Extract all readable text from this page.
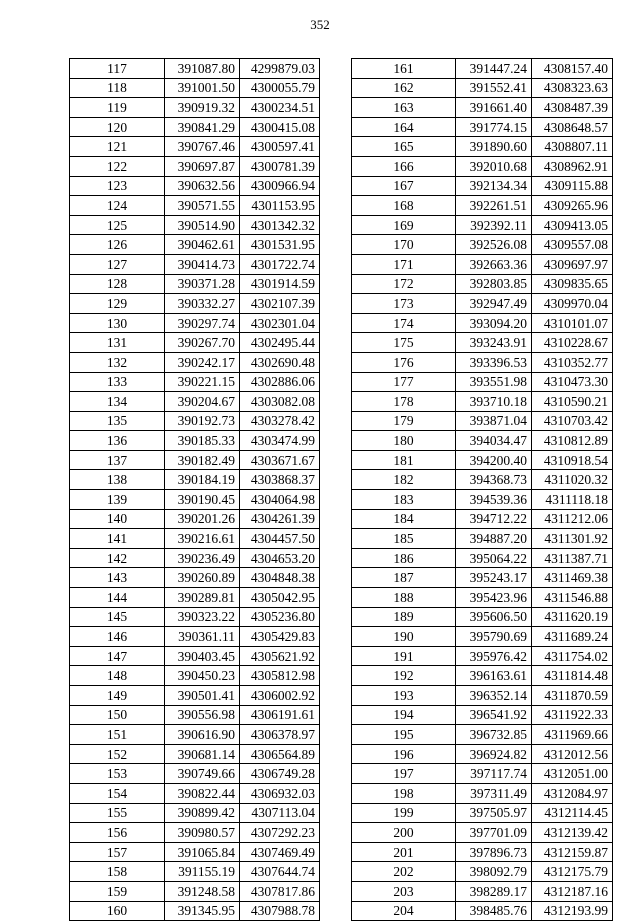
352
117	391087.80	4299879.03
118	391001.50	4300055.79
119	390919.32	4300234.51
120	390841.29	4300415.08
121	390767.46	4300597.41
122	390697.87	4300781.39
123	390632.56	4300966.94
124	390571.55	4301153.95
125	390514.90	4301342.32
126	390462.61	4301531.95
127	390414.73	4301722.74
128	390371.28	4301914.59
129	390332.27	4302107.39
130	390297.74	4302301.04
131	390267.70	4302495.44
132	390242.17	4302690.48
133	390221.15	4302886.06
134	390204.67	4303082.08
135	390192.73	4303278.42
136	390185.33	4303474.99
137	390182.49	4303671.67
138	390184.19	4303868.37
139	390190.45	4304064.98
140	390201.26	4304261.39
141	390216.61	4304457.50
142	390236.49	4304653.20
143	390260.89	4304848.38
144	390289.81	4305042.95
145	390323.22	4305236.80
146	390361.11	4305429.83
147	390403.45	4305621.92
148	390450.23	4305812.98
149	390501.41	4306002.92
150	390556.98	4306191.61
151	390616.90	4306378.97
152	390681.14	4306564.89
153	390749.66	4306749.28
154	390822.44	4306932.03
155	390899.42	4307113.04
156	390980.57	4307292.23
157	391065.84	4307469.49
158	391155.19	4307644.74
159	391248.58	4307817.86
160	391345.95	4307988.78
161	391447.24	4308157.40
162	391552.41	4308323.63
163	391661.40	4308487.39
164	391774.15	4308648.57
165	391890.60	4308807.11
166	392010.68	4308962.91
167	392134.34	4309115.88
168	392261.51	4309265.96
169	392392.11	4309413.05
170	392526.08	4309557.08
171	392663.36	4309697.97
172	392803.85	4309835.65
173	392947.49	4309970.04
174	393094.20	4310101.07
175	393243.91	4310228.67
176	393396.53	4310352.77
177	393551.98	4310473.30
178	393710.18	4310590.21
179	393871.04	4310703.42
180	394034.47	4310812.89
181	394200.40	4310918.54
182	394368.73	4311020.32
183	394539.36	4311118.18
184	394712.22	4311212.06
185	394887.20	4311301.92
186	395064.22	4311387.71
187	395243.17	4311469.38
188	395423.96	4311546.88
189	395606.50	4311620.19
190	395790.69	4311689.24
191	395976.42	4311754.02
192	396163.61	4311814.48
193	396352.14	4311870.59
194	396541.92	4311922.33
195	396732.85	4311969.66
196	396924.82	4312012.56
197	397117.74	4312051.00
198	397311.49	4312084.97
199	397505.97	4312114.45
200	397701.09	4312139.42
201	397896.73	4312159.87
202	398092.79	4312175.79
203	398289.17	4312187.16
204	398485.76	4312193.99
